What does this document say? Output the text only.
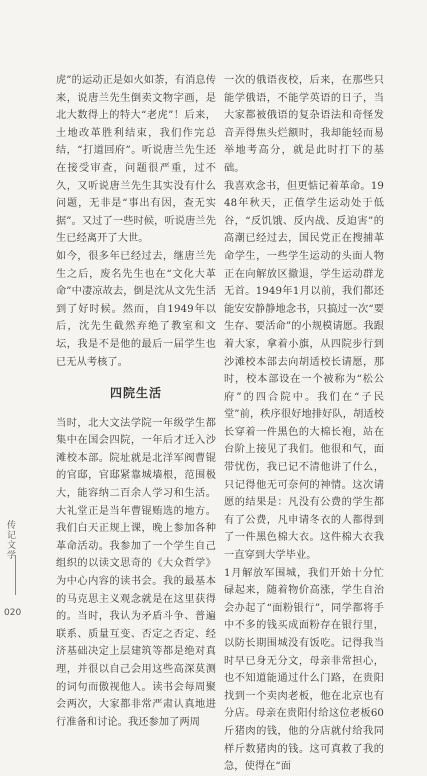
虎”的运动正是如火如荼，有消息传来，说唐兰先生倒卖文物字画，是北大数得上的特大“老虎”！后来，土地改革胜利结束，我们作完总结，“打道回府”。听说唐兰先生还在接受审查，问题很严重，过不久，又听说唐兰先生其实没有什么问题，无非是“事出有因，查无实据”。又过了一些时候，听说唐兰先生已经离开了大世。

如今，很多年已经过去，继唐兰先生之后，废名先生也在“文化大革命”中凄凉故去，倒是沈从文先生活到了好时候。然而，自1949年以后，沈先生截然弃绝了教室和文坛，我是不是他的最后一届学生也已无从考核了。

四院生活

当时，北大文法学院一年级学生都集中在国会四院，一年后才迁入沙滩校本部。院址就是北洋军阀曹锟的官邸，官邸紧靠城墙根，范围极大，能容纳二百余人学习和生活。大礼堂正是当年曹锟贿选的地方。我们白天正规上课，晚上参加各种革命活动。我参加了一个学生自己组织的以读文思奇的《大众哲学》为中心内容的读书会。我的最基本的马克思主义观念就是在这里获得的。当时，我认为矛盾斗争、普遍联系、质量互变、否定之否定、经济基础决定上层建筑等都是绝对真理，并很以自己会用这些高深莫测的词句而傲视他人。读书会每周聚会两次，大家都非常严肃认真地进行准备和讨论。我还参加了两周

一次的俄语夜校，后来，在那些只能学俄语，不能学英语的日子，当大家都被俄语的复杂语法和奇怪发音弄得焦头烂额时，我却能轻而易举地考高分，就是此时打下的基础。

我喜欢念书，但更惦记着革命。1948年秋天，正值学生运动处于低谷，“反饥饿、反内战、反迫害”的高潮已经过去，国民党正在搜捕革命学生，一些学生运动的头面人物正在向解放区撤退，学生运动群龙无首。1949年1月以前，我们都还能安安静静地念书，只搞过一次“要生存、要活命”的小规模请愿。我跟着大家，拿着小旗，从四院步行到沙滩校本部去向胡适校长请愿，那时，校本部设在一个被称为“松公府”的四合院中。我们在“子民堂”前，秩序很好地排好队，胡适校长穿着一件黑色的大棉长袍，站在台阶上接见了我们。他很和气，面带忧伤，我已记不清他讲了什么，只记得他无可奈何的神情。这次请愿的结果是：凡没有公费的学生都有了公费，凡申请冬衣的人都得到了一件黑色棉大衣。这件棉大衣我一直穿到大学毕业。

1月解放军围城，我们开始十分忙碌起来，随着物价高涨，学生自治会办起了“面粉银行”，同学都将手中不多的钱买成面粉存在银行里，以防长期围城没有饭吃。记得我当时早已身无分文，母亲非常担心，也不知道能通过什么门路，在贵阳找到一个卖肉老板，他在北京也有分店。母亲在贵阳付给这位老板60斤猪肉的钱，他的分店就付给我同样斤数猪肉的钱。这可真救了我的急，使得在“面

传记文学
020
